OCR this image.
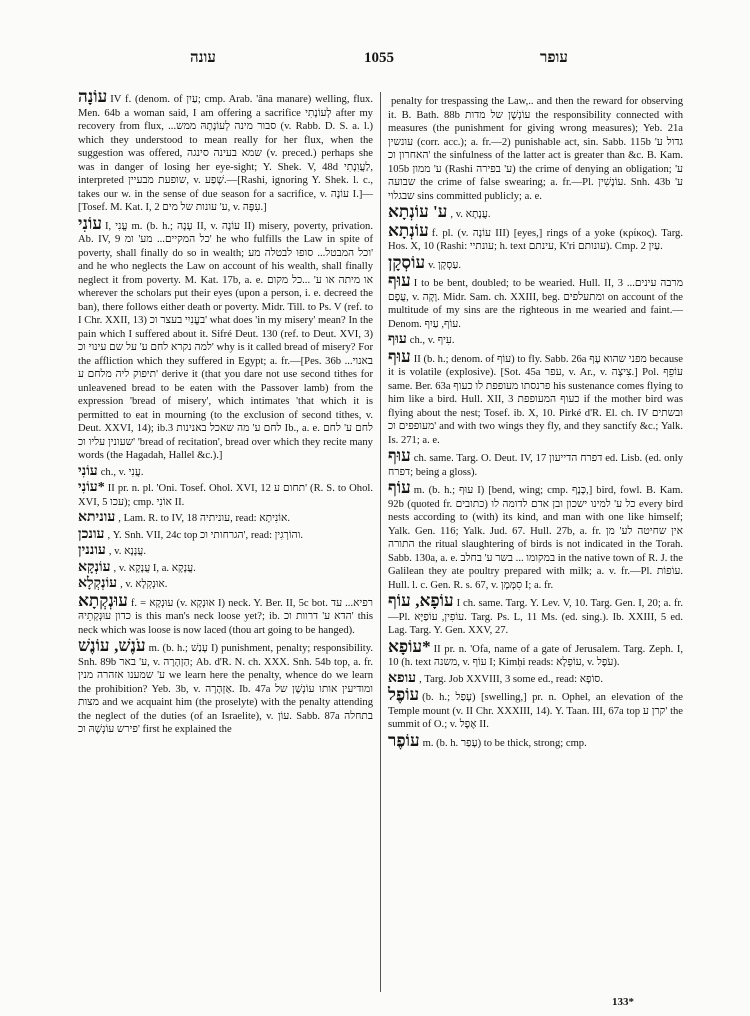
עונה	1055	עופר

עוֹנָה IV f. (denom. of עַיִן; cmp. Arab. 'âna manare) welling, flux. Men. 64b a woman said, I am offering a sacrifice לְעוֹנָתִי after my recovery from flux, ...סבור מינה לְעוֹנָתָהּ ממש (v. Rabb. D. S. a. l.) which they understood to mean really for her flux, when the suggestion was offered, שמא בעינה סינגה (v. preced.) perhaps she was in danger of losing her eye-sight; Y. Shek. V, 48d לַעֲוִנָתִי, interpreted שופעת מבעיין, v. שָׁפַע.—[Rashi, ignoring Y. Shek. l. c., takes our w. in the sense of due season for a sacrifice, v. עוֹנָה I.]—[Tosef. M. Kat. I, 2 ע' עונות של מים, v. עִפָּה.]

עוֹנִי I, עֳנִי m. (b. h.; עָנָה II, v. עוֹנָה II) misery, poverty, privation. Ab. IV, 9 כל המקיים... מע' ומ' he who fulfills the Law in spite of poverty, shall finally do so in wealth; וכל המבטל... סופו לבטלה מע' and he who neglects the Law on account of his wealth, shall finally neglect it from poverty. M. Kat. 17b, a. e. או מיתה או ע' ...כל מקום wherever the scholars put their eyes (upon a person, i. e. decreed the ban), there follows either death or poverty. Midr. Till. to Ps. V (ref. to I Chr. XXII, 13) בעֳנִיִי בעצר וכ' what does 'in my misery' mean? In the pain which I suffered about it. Sifré Deut. 130 (ref. to Deut. XVI, 3) למה נקרא לחם ע' על שם עינוי וכ' why is it called bread of misery? For the affliction which they suffered in Egypt; a. fr.—[Pes. 36b באנוי... תיפוק ליה מלחם ע' derive it (that you dare not use second tithes for unleavened bread to be eaten with the Passover lamb) from the expression 'bread of misery', which intimates 'that which it is permitted to eat in mourning (to the exclusion of second tithes, v. Deut. XXVI, 14); ib.3 לחם ע' מה שאכל באנינות Ib., a. e. לחם ע' לחם שעונין עליו וכ' 'bread of recitation', bread over which they recite many words (the Hagadah, Hallel &c.).]

עוֹנִי ch., v. עֲנִי.

*עוֹנִי II pr. n. pl. 'Oni. Tosef. Ohol. XVI, 12 תחום ע' (R. S. to Ohol. XVI, 5 עכו); cmp. אוֹנִי II.

עוניתא , Lam. R. to IV, 18 עוניתיה, read: אוֹנִיתָא.

עונכן , Y. Snh. VII, 24c top הגרחותי וכ', read: והוֹרְגִין.

עוננין , v. עֲנָנָא.

עוֹנְקָא , v. עֲנָקָא I, a. עֲנָקָא.

עוֹנְקְלָא , v. אוּנְקְלָא.

עוּנְקְתָא f. = עוּנְקָא (v. אוּנְקָא I) neck. Y. Ber. II, 5c bot. רפיא... עד כדון עוּנְקְתֵיהּ is this man's neck loose yet?; ib. הדא ע' דרוות וכ' this neck which was loose is now laced (thou art going to be hanged).

עֹנֶשׁ, עוֹנֶשׁ m. (b. h.; עָנַשׁ I) punishment, penalty; responsibility. Snh. 89b ע' באר, v. הַזְהָרָה; Ab. d'R. N. ch. XXX. Snh. 54b top, a. fr. ע' שמענו אזהרה מנין we learn here the penalty, whence do we learn the prohibition? Yeb. 3b, v. אַזְהָרָה. Ib. 47a ומודיעין אותו עוֹנְשָׁן של מצות and we acquaint him (the proselyte) with the penalty attending the neglect of the duties (of an Israelite), v. עוֹן. Sabb. 87a בתחלה פירש עוֹנְשָׁהּ וכ' first he explained the

penalty for trespassing the Law,.. and then the reward for observing it. B. Bath. 88b עוֹנְשָׁן של מדות the responsibility connected with measures (the punishment for giving wrong measures); Yeb. 21a עונשין (corr. acc.); a. fr.—2) punishable act, sin. Sabb. 115b גדול ע' האחרון וכ' the sinfulness of the latter act is greater than &c. B. Kam. 105b ע' ממון (Rashi ע' בפירה) the crime of denying an obligation; ע' שבועה the crime of false swearing; a. fr.—Pl. עוֹנָשִׁין. Snh. 43b ע' שבגלוי sins committed publicly; a. e.

ע' עוֹנְתָא , v. עֲנָתָא.

עוֹנְתָא f. pl. (v. עוֹנָה III) [eyes,] rings of a yoke (κρίκος). Targ. Hos. X, 10 (Rashi: עונתיי; h. text עינתם, K'ri עונותם). Cmp. עַיִן 2.

עוֹסְקָן v. עַסְקָן.

עוּף I to be bent, doubled; to be wearied. Hull. II, 3 מרבה עינים... עֲפָם, v. וָקָה. Midr. Sam. ch. XXIII, beg. ומתעלפים on account of the multitude of my sins are the righteous in me wearied and faint.—Denom. עוֹף, עַיִף.

עוּף ch., v. עִיף.

עוּף II (b. h.; denom. of עוֹף) to fly. Sabb. 26a מפני שהוא עָף because it is volatile (explosive). [Sot. 45a עפר, v. Ar., v. צִיצָה.] Pol. עוֹפֵף same. Ber. 63a פרנסתו מעופפת לו כעוף his sustenance comes flying to him like a bird. Hull. XII, 3 כעוף המעופפת if the mother bird was flying about the nest; Tosef. ib. X, 10. Pirké d'R. El. ch. IV ובשתים מעופפים וכ' and with two wings they fly, and they sanctify &c.; Yalk. Is. 271; a. e.

עוּף ch. same. Targ. O. Deut. IV, 17 דפרח הדייעון ed. Lisb. (ed. only דפרח; being a gloss).

עוֹף m. (b. h.; עוּף I) [bend, wing; cmp. כָּנָף,] bird, fowl. B. Kam. 92b (quoted fr. כתובים) כל ע' למינו ישכון ובן אדם לדומה לו every bird nests according to (with) its kind, and man with one like himself; Yalk. Gen. 116; Yalk. Jud. 67. Hull. 27b, a. fr. אין שחיטה לע' מן התורה the ritual slaughtering of birds is not indicated in the Torah. Sabb. 130a, a. e. במקומו ... בשר ע' בחלב in the native town of R. J. the Galilean they ate poultry prepared with milk; a. v. fr.—Pl. עוֹפוֹת. Hull. l. c. Gen. R. s. 67, v. סִמְּמָן I; a. fr.

עוֹפָא, עוֹף I ch. same. Targ. Y. Lev. V, 10. Targ. Gen. I, 20; a. fr.—Pl. עוֹפִין, עוֹפַיָּא. Targ. Ps. L, 11 Ms. (ed. sing.). Ib. XXIII, 5 ed. Lag. Targ. Y. Gen. XXV, 27.

*עוֹפָא II pr. n. 'Ofa, name of a gate of Jerusalem. Targ. Zeph. I, 10 (h. text משנה, v. עוֹף I; Kimḥi reads: עוֹפְלָא, v. עֹפֶל).

עופא , Targ. Job XXVIII, 3 some ed., read: סוֹפָא.

עוֹפֶל (b. h.; עָפַל) [swelling,] pr. n. Ophel, an elevation of the Temple mount (v. II Chr. XXXIII, 14). Y. Taan. III, 67a top קרן ע' the summit of O.; v. אֶפֶל II.

עוֹפֶר m. (b. h. עָפַר) to be thick, strong; cmp.

133*
